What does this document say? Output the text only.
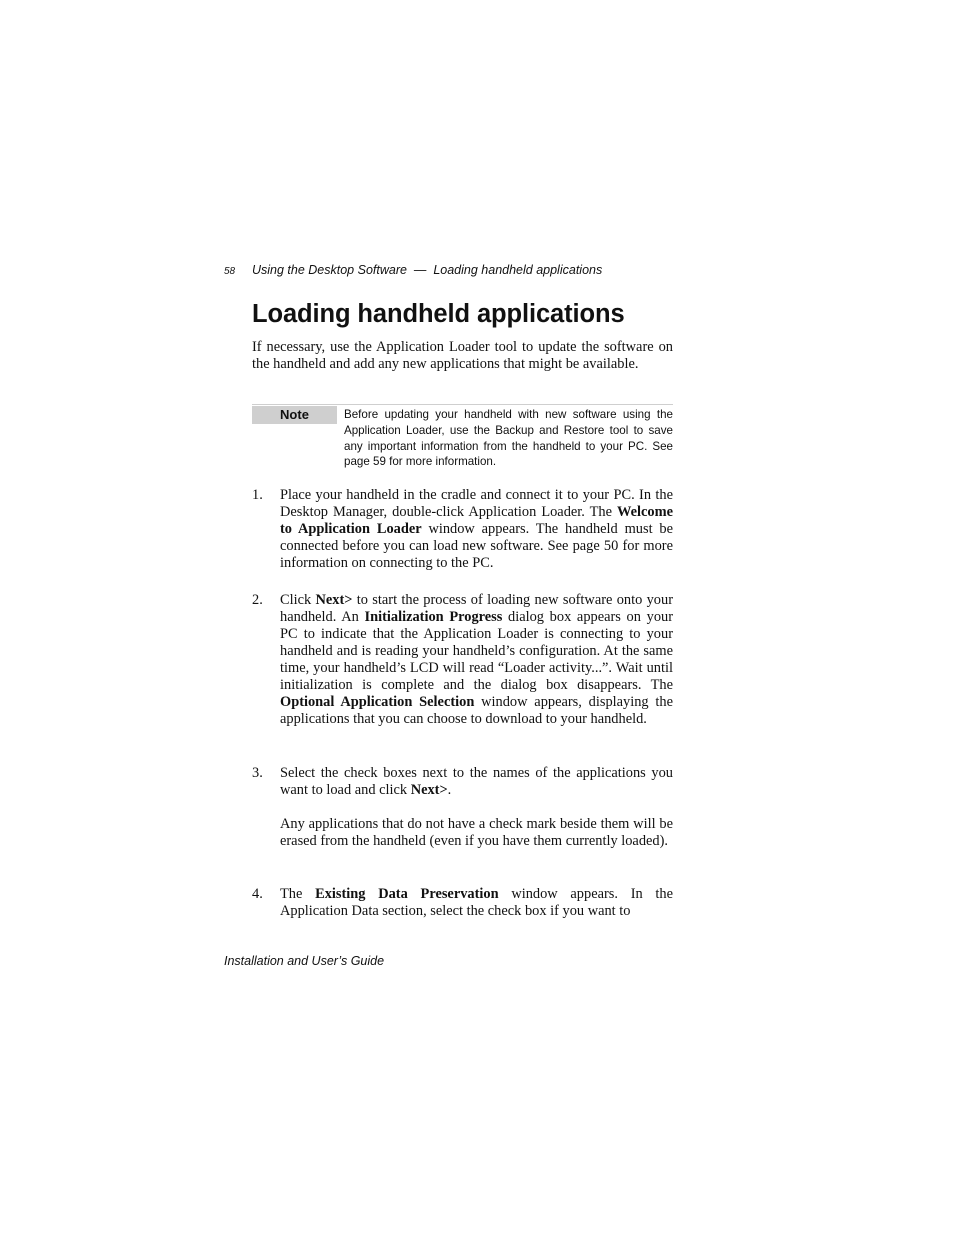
58 Using the Desktop Software  —  Loading handheld applications
Loading handheld applications

If necessary, use the Application Loader tool to update the software on the handheld and add any new applications that might be available.

Note	Before updating your handheld with new software using the Application Loader, use the Backup and Restore tool to save any important information from the handheld to your PC. See page 59 for more information.
1. Place your handheld in the cradle and connect it to your PC. In the Desktop Manager, double-click Application Loader. The Welcome to Application Loader window appears. The handheld must be connected before you can load new software. See page 50 for more information on connecting to the PC.

2. Click Next> to start the process of loading new software onto your handheld. An Initialization Progress dialog box appears on your PC to indicate that the Application Loader is connecting to your handheld and is reading your handheld’s configuration. At the same time, your handheld’s LCD will read “Loader activity...”. Wait until initialization is complete and the dialog box disappears. The Optional Application Selection window appears, displaying the applications that you can choose to download to your handheld.

3. Select the check boxes next to the names of the applications you want to load and click Next>.

Any applications that do not have a check mark beside them will be erased from the handheld (even if you have them currently loaded).

4. The Existing Data Preservation window appears. In the Application Data section, select the check box if you want to

Installation and User’s Guide
